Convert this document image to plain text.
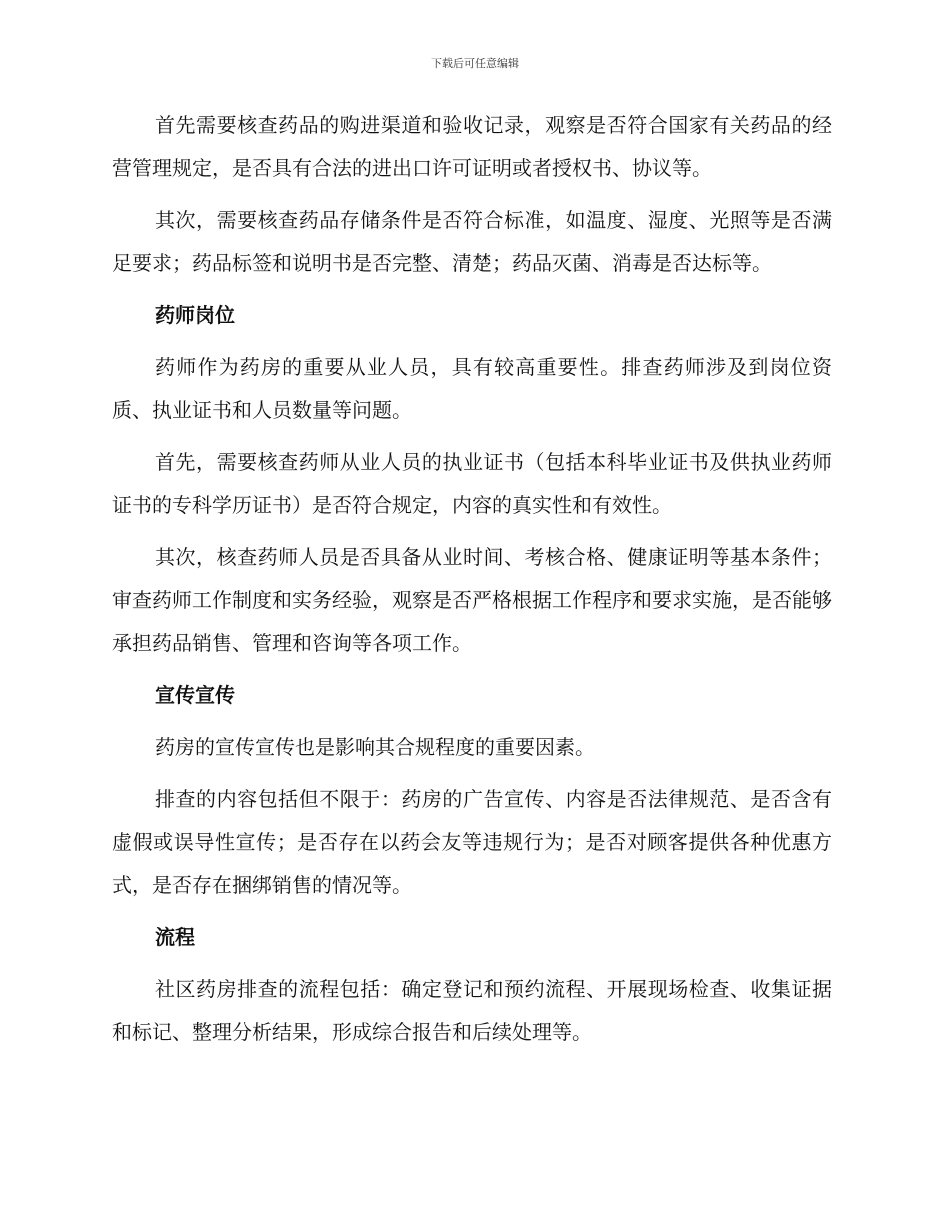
下载后可任意编辑

首先需要核查药品的购进渠道和验收记录，观察是否符合国家有关药品的经营管理规定，是否具有合法的进出口许可证明或者授权书、协议等。

其次，需要核查药品存储条件是否符合标准，如温度、湿度、光照等是否满足要求；药品标签和说明书是否完整、清楚；药品灭菌、消毒是否达标等。

药师岗位

药师作为药房的重要从业人员，具有较高重要性。排查药师涉及到岗位资质、执业证书和人员数量等问题。

首先，需要核查药师从业人员的执业证书（包括本科毕业证书及供执业药师证书的专科学历证书）是否符合规定，内容的真实性和有效性。

其次，核查药师人员是否具备从业时间、考核合格、健康证明等基本条件；审查药师工作制度和实务经验，观察是否严格根据工作程序和要求实施，是否能够承担药品销售、管理和咨询等各项工作。

宣传宣传

药房的宣传宣传也是影响其合规程度的重要因素。

排查的内容包括但不限于：药房的广告宣传、内容是否法律规范、是否含有虚假或误导性宣传；是否存在以药会友等违规行为；是否对顾客提供各种优惠方式，是否存在捆绑销售的情况等。

流程

社区药房排查的流程包括：确定登记和预约流程、开展现场检查、收集证据和标记、整理分析结果，形成综合报告和后续处理等。
